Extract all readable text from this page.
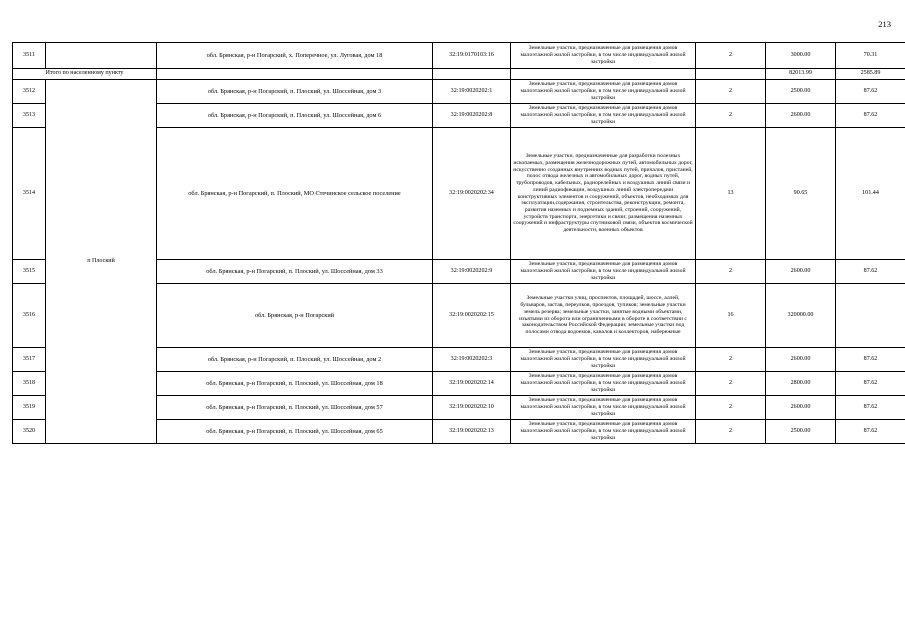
213
3511		обл. Брянская, р-н Погарский, х. Поперечное, ул. Луговая, дом 18	32:19:0170103:16	Земельные участки, предназначенные для размещения домов малоэтажной жилой застройки, в том числе индивидуальной жилой застройки	2	3000.00	70.31	
Итого по населенному пункту						82013.99	2585.89	
3512	п Плоский	обл. Брянская, р-н Погарский, п. Плоский, ул. Шоссейная, дом 3	32:19:0020202:1	Земельные участки, предназначенные для размещения домов малоэтажной жилой застройки, в том числе индивидуальной жилой застройки	2	2500.00	87.62	
3513		обл. Брянская, р-н Погарский, п. Плоский, ул. Шоссейная, дом 6	32:19:0020202:8	Земельные участки, предназначенные для размещения домов малоэтажной жилой застройки, в том числе индивидуальной жилой застройки	2	2600.00	87.62	
3514		обл. Брянская, р-н Погарский, п. Плоский, МО Стечинское сельское поселение	32:19:0020202:34	Земельные участки, предназначенные для разработки полезных ископаемых, размещения железнодорожных путей, автомобильных дорог, искусственно созданных внутренних водных путей, причалов, пристаней, полос отвода железных и автомобильных дорог, водных путей, трубопроводов, кабельных, радиорелейных и воздушных линий связи и линий радиофикации, воздушных линий электропередачи конструктивных элементов и сооружений, объектов, необходимых для эксплуатации,содержания, строительства, реконструкции, ремонта, развития наземных и подземных зданий, строений, сооружений, устройств транспорта, энергетики и связи; размещения наземных сооружений и инфраструктуры спутниковой связи, объектов космической деятельности, военных объектов	13	90.65	101.44	
3515		обл. Брянская, р-н Погарский, п. Плоский, ул. Шоссейная, дом 33	32:19:0020202:9	Земельные участки, предназначенные для размещения домов малоэтажной жилой застройки, в том числе индивидуальной жилой застройки	2	2600.00	87.62	
3516		обл. Брянская, р-н Погарский	32:19:0020202:15	Земельные участки улиц, проспектов, площадей, шоссе, аллей, бульваров, застав, переулков, проездов, тупиков; земельные участки земель резерва; земельные участки, занятые водными объектами, изъятыми из оборота или ограниченными в обороте в соответствии с законодательством Российской Федерации; земельные участки под полосами отвода водоемов, каналов и коллекторов, набережные	16	320000.00		
3517		обл. Брянская, р-н Погарский, п. Плоский, ул. Шоссейная, дом 2	32:19:0020202:3	Земельные участки, предназначенные для размещения домов малоэтажной жилой застройки, в том числе индивидуальной жилой застройки	2	2600.00	87.62	
3518		обл. Брянская, р-н Погарский, п. Плоский, ул. Шоссейная, дом 18	32:19:0020202:14	Земельные участки, предназначенные для размещения домов малоэтажной жилой застройки, в том числе индивидуальной жилой застройки	2	2800.00	87.62	
3519		обл. Брянская, р-н Погарский, п. Плоский, ул. Шоссейная, дом 57	32:19:0020202:10	Земельные участки, предназначенные для размещения домов малоэтажной жилой застройки, в том числе индивидуальной жилой застройки	2	2600.00	87.62	
3520		обл. Брянская, р-н Погарский, п. Плоский, ул. Шоссейная, дом 65	32:19:0020202:13	Земельные участки, предназначенные для размещения домов малоэтажной жилой застройки, в том числе индивидуальной жилой застройки	2	2500.00	87.62	
